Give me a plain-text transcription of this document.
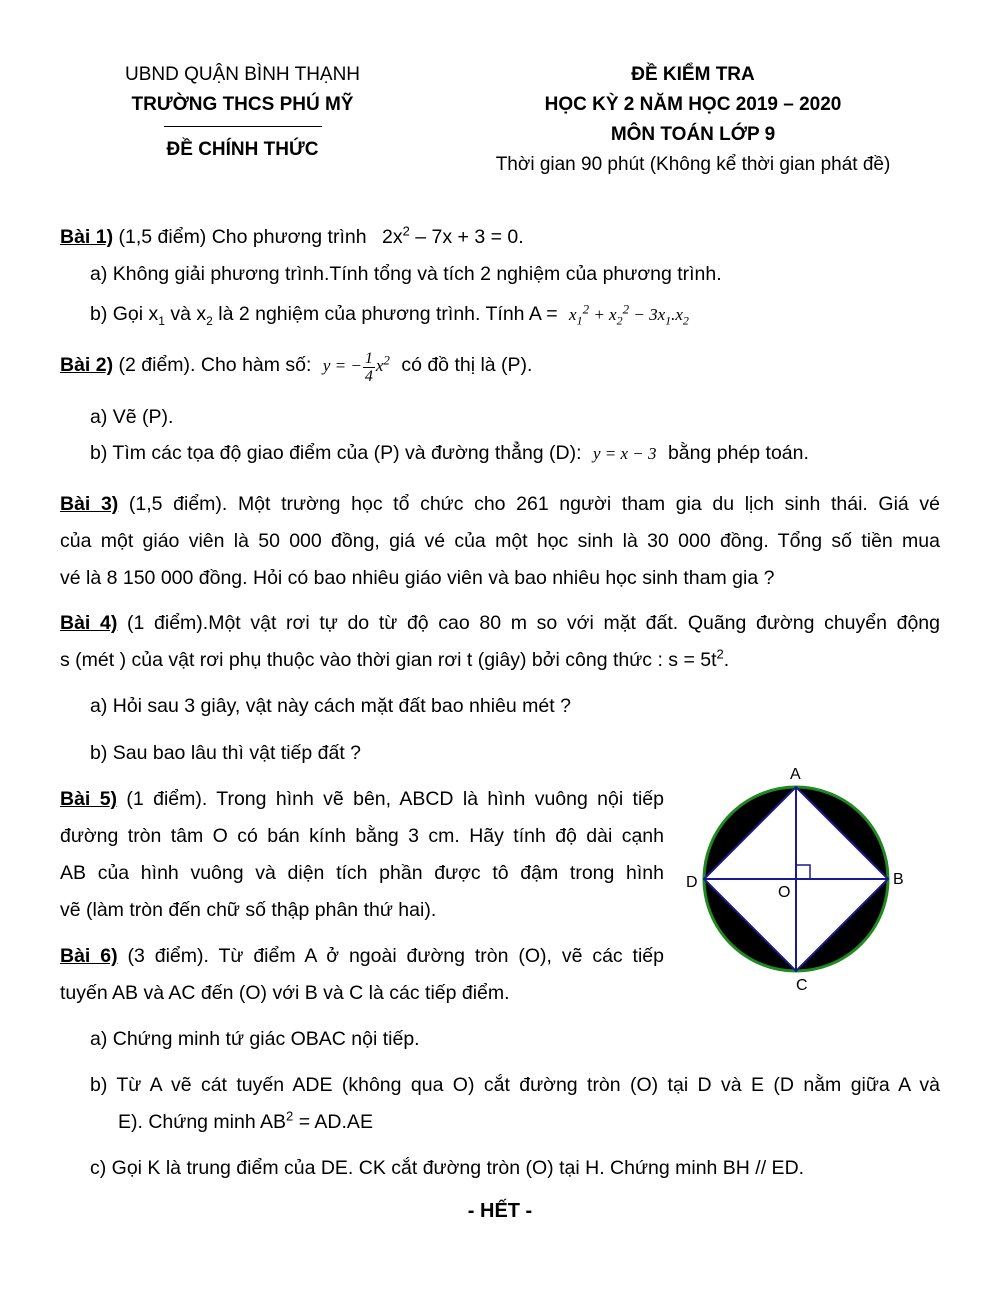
UBND QUẬN BÌNH THẠNH
TRƯỜNG THCS PHÚ MỸ
ĐỀ CHÍNH THỨC
ĐỀ KIỂM TRA
HỌC KỲ 2 NĂM HỌC 2019 – 2020
MÔN TOÁN LỚP 9
Thời gian 90 phút (Không kể thời gian phát đề)
Bài 1) (1,5 điểm) Cho phương trình $2x^2 - 7x + 3 = 0$.
a) Không giải phương trình.Tính tổng và tích 2 nghiệm của phương trình.
b) Gọi $x_1$ và $x_2$ là 2 nghiệm của phương trình. Tính $A = x_1^2 + x_2^2 - 3x_1.x_2$
Bài 2) (2 điểm). Cho hàm số: y = − $\frac{1}{4} x^2$ có đồ thị là (P).
a) Vẽ (P).
b) Tìm các tọa độ giao điểm của (P) và đường thẳng (D): y = x − 3 bằng phép toán.
Bài 3) (1,5 điểm). Một trường học tổ chức cho 261 người tham gia du lịch sinh thái. Giá vé
của một giáo viên là 50 000 đồng, giá vé của một học sinh là 30 000 đồng. Tổng số tiền mua
vé là 8 150 000 đồng. Hỏi có bao nhiêu giáo viên và bao nhiêu học sinh tham gia ?
Bài 4) (1 điểm).Một vật rơi tự do từ độ cao 80 m so với mặt đất. Quãng đường chuyển động
s (mét ) của vật rơi phụ thuộc vào thời gian rơi t (giây) bởi công thức : $s = 5t^2$.
a) Hỏi sau 3 giây, vật này cách mặt đất bao nhiêu mét ?
b) Sau bao lâu thì vật tiếp đất ?
Bài 5) (1 điểm). Trong hình vẽ bên, ABCD là hình vuông nội tiếp
đường tròn tâm O có bán kính bằng 3 cm. Hãy tính độ dài cạnh
AB của hình vuông và diện tích phần được tô đậm trong hình
vẽ (làm tròn đến chữ số thập phân thứ hai).
A
B
C
D
O
Bài 6) (3 điểm). Từ điểm A ở ngoài đường tròn (O), vẽ các tiếp
tuyến AB và AC đến (O) với B và C là các tiếp điểm.
a) Chứng minh tứ giác OBAC nội tiếp.
b) Từ A vẽ cát tuyến ADE (không qua O) cắt đường tròn (O) tại D và E (D nằm giữa A và
E). Chứng minh $AB^2 = AD.AE$
c) Gọi K là trung điểm của DE. CK cắt đường tròn (O) tại H. Chứng minh BH // ED.
- HẾT -
